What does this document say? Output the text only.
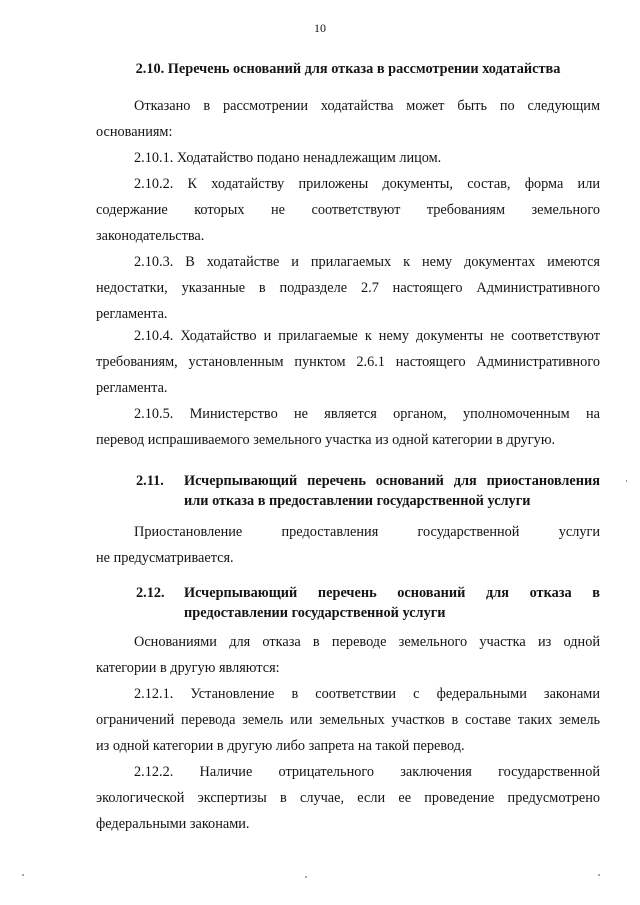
10
2.10. Перечень оснований для отказа в рассмотрении ходатайства
Отказано в рассмотрении ходатайства может быть по следующим
основаниям:
2.10.1. Ходатайство подано ненадлежащим лицом.
2.10.2. К ходатайству приложены документы, состав, форма или
содержание которых не соответствуют требованиям земельного
законодательства.
2.10.3. В ходатайстве и прилагаемых к нему документах имеются
недостатки, указанные в подразделе 2.7 настоящего Административного
регламента.
2.10.4. Ходатайство и прилагаемые к нему документы не соответствуют
требованиям, установленным пунктом 2.6.1 настоящего Административного
регламента.
2.10.5. Министерство не является органом, уполномоченным на
перевод испрашиваемого земельного участка из одной категории в другую.
2.11. Исчерпывающий перечень оснований для приостановления
или отказа в предоставлении государственной услуги
Приостановление предоставления государственной услуги
не предусматривается.
2.12. Исчерпывающий перечень оснований для отказа в
предоставлении государственной услуги
Основаниями для отказа в переводе земельного участка из одной
категории в другую являются:
2.12.1. Установление в соответствии с федеральными законами
ограничений перевода земель или земельных участков в составе таких земель
из одной категории в другую либо запрета на такой перевод.
2.12.2. Наличие отрицательного заключения государственной
экологической экспертизы в случае, если ее проведение предусмотрено
федеральными законами.
